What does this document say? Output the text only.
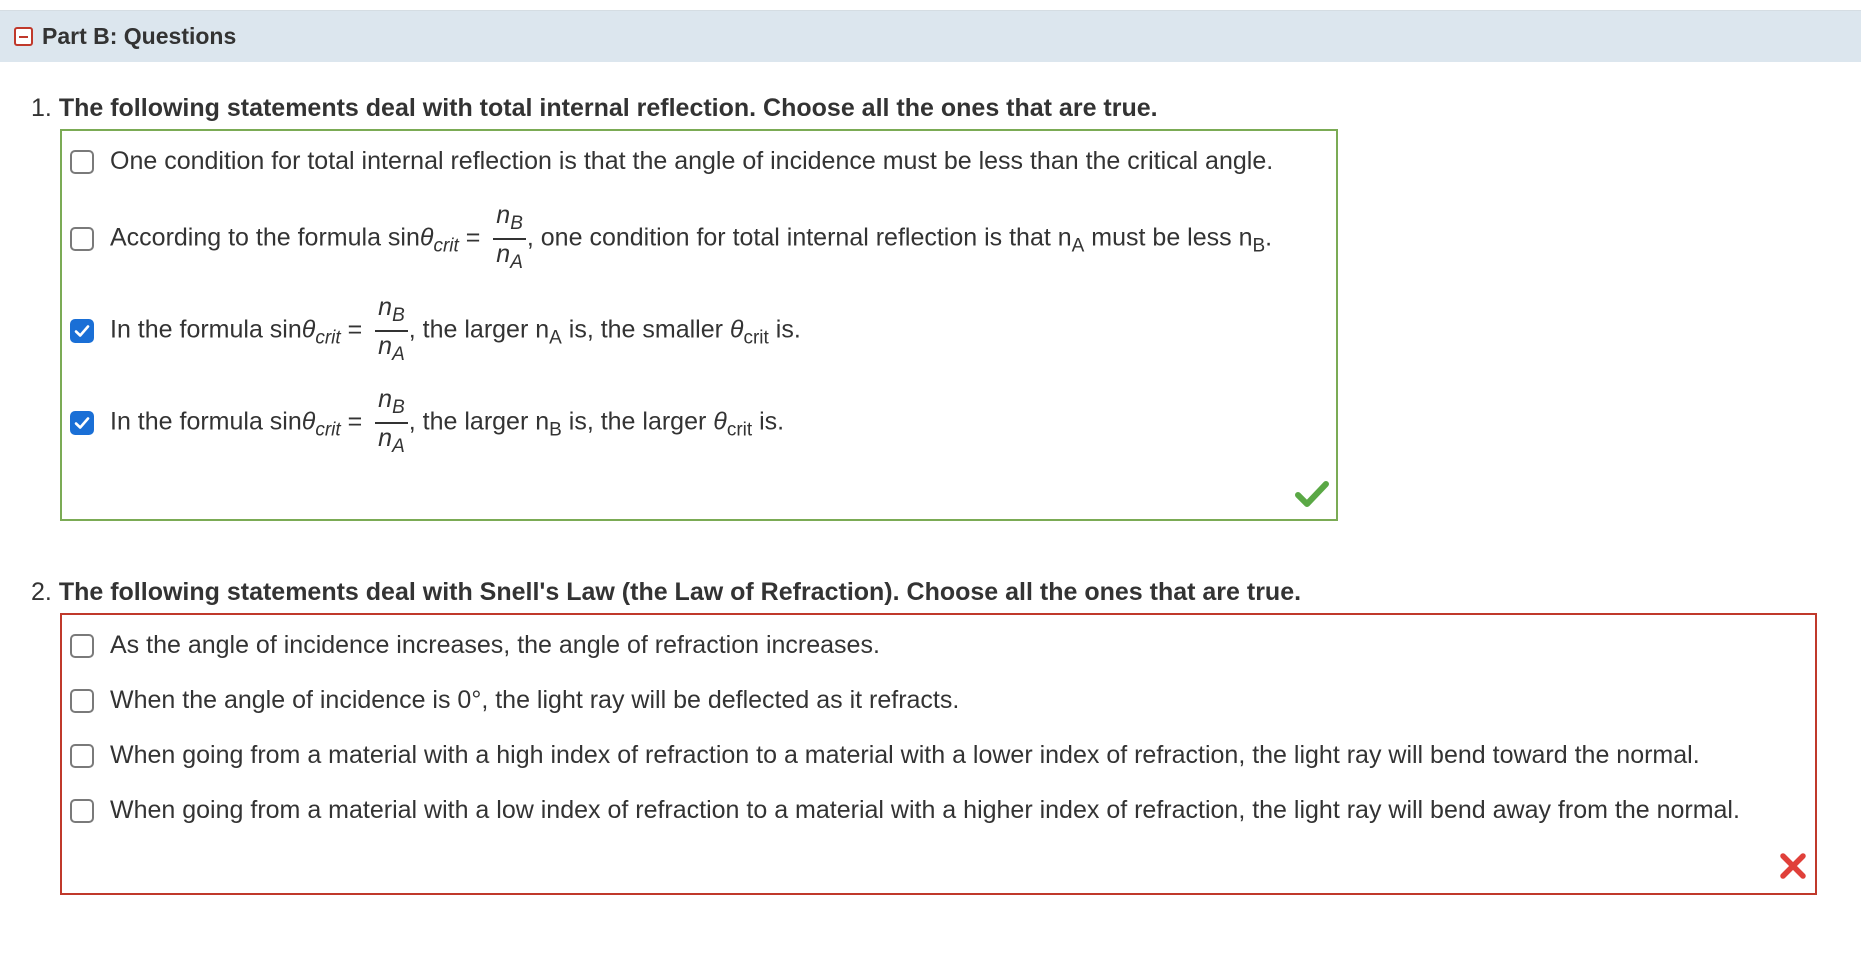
Part B: Questions
1. The following statements deal with total internal reflection. Choose all the ones that are true.
One condition for total internal reflection is that the angle of incidence must be less than the critical angle.
According to the formula $\sin\theta_{crit} = \frac{n_B}{n_A}$ , one condition for total internal reflection is that $n_A$ must be less $n_B$.
In the formula $\sin\theta_{crit} = \frac{n_B}{n_A}$ , the larger $n_A$ is, the smaller $\theta_{crit}$ is.
In the formula $\sin\theta_{crit} = \frac{n_B}{n_A}$ , the larger $n_B$ is, the larger $\theta_{crit}$ is.
2. The following statements deal with Snell's Law (the Law of Refraction). Choose all the ones that are true.
As the angle of incidence increases, the angle of refraction increases.
When the angle of incidence is 0°, the light ray will be deflected as it refracts.
When going from a material with a high index of refraction to a material with a lower index of refraction, the light ray will bend toward the normal.
When going from a material with a low index of refraction to a material with a higher index of refraction, the light ray will bend away from the normal.
